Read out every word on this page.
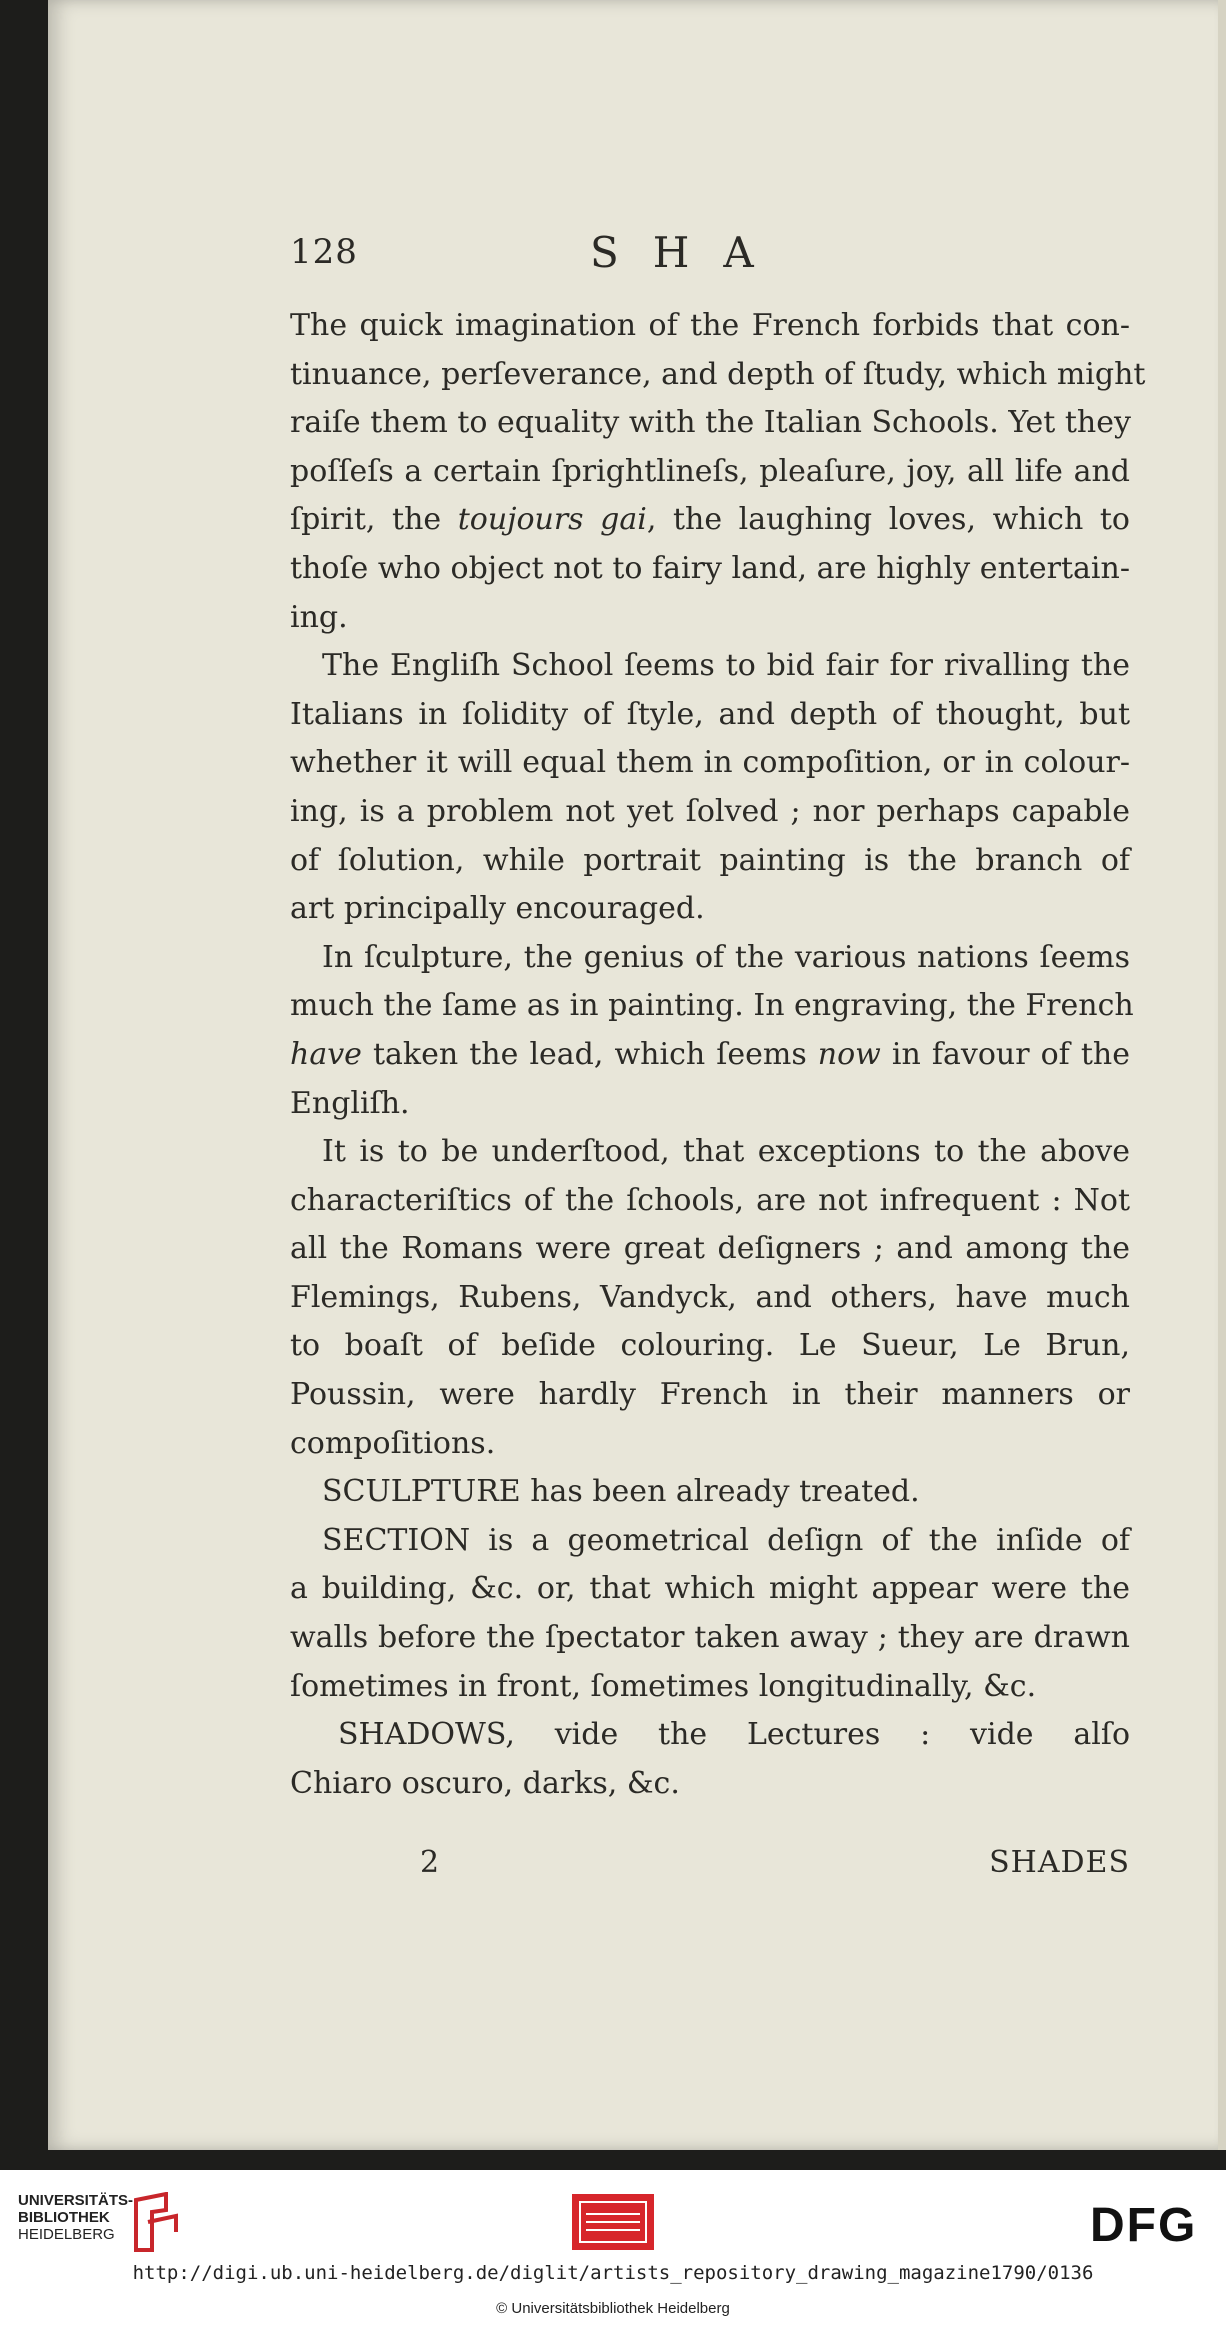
128	SHA
The quick imagination of the French forbids that con-
tinuance, perſeverance, and depth of ſtudy, which might
raiſe them to equality with the Italian Schools. Yet they
poſſeſs a certain ſprightlineſs, pleaſure, joy, all life and
ſpirit, the toujours gai, the laughing loves, which to
thoſe who object not to fairy land, are highly entertain-
ing.
The Engliſh School ſeems to bid fair for rivalling the
Italians in ſolidity of ſtyle, and depth of thought, but
whether it will equal them in compoſition, or in colour-
ing, is a problem not yet ſolved ; nor perhaps capable
of ſolution, while portrait painting is the branch of
art principally encouraged.
In ſculpture, the genius of the various nations ſeems
much the ſame as in painting. In engraving, the French
have taken the lead, which ſeems now in favour of the
Engliſh.
It is to be underſtood, that exceptions to the above
characteriſtics of the ſchools, are not infrequent : Not
all the Romans were great deſigners ; and among the
Flemings, Rubens, Vandyck, and others, have much
to boaſt of beſide colouring. Le Sueur, Le Brun,
Poussin, were hardly French in their manners or
compoſitions.
SCULPTURE has been already treated.
SECTION is a geometrical deſign of the inſide of
a building, &c. or, that which might appear were the
walls before the ſpectator taken away ; they are drawn
ſometimes in front, ſometimes longitudinally, &c.
SHADOWS, vide the Lectures : vide alſo
Chiaro oscuro, darks, &c.
2	SHADES
UNIVERSITÄTS-
BIBLIOTHEK
HEIDELBERG	DFG
http://digi.ub.uni-heidelberg.de/diglit/artists_repository_drawing_magazine1790/0136
© Universitätsbibliothek Heidelberg
